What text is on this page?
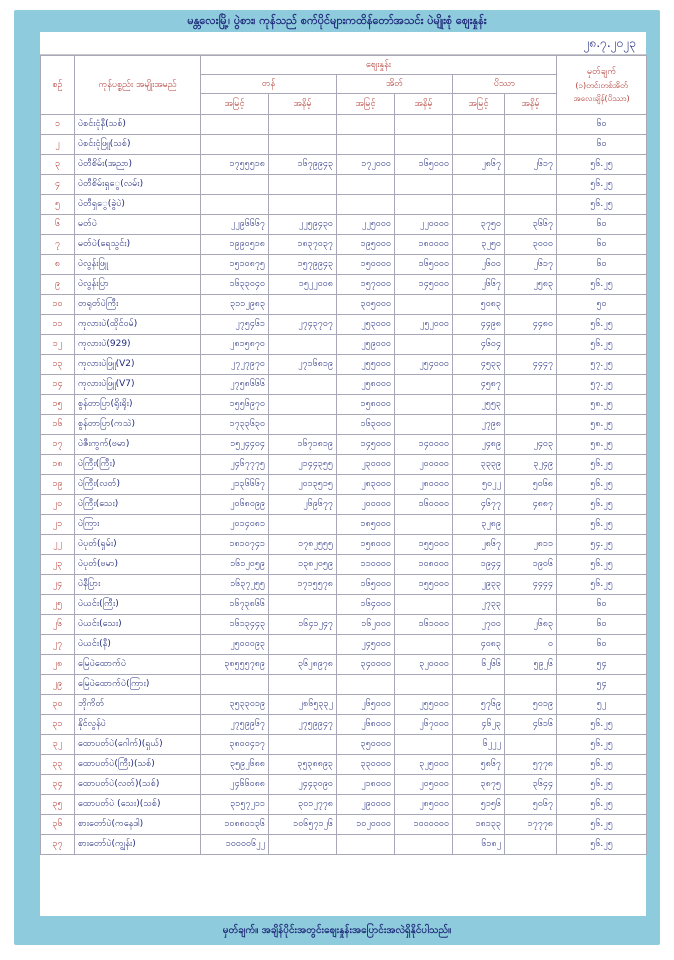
မန္တလေးမြို့၊ ပွဲစား၊ ကုန်သည် စက်ပိုင်များကထိန်တော်အသင်း ပဲမျိုးစုံ ဈေးနှုန်း
၂၈.၇.၂၀၂၃
စဉ်	ကုန်ပစ္စည်း အမျိုးအမည်	ဈေးနှုန်း						မှတ်ချက်
(၁)တင်းတစ်အိတ်
အလေးချိန်(ပိဿာ)

		တန်		အိတ်		ပိဿာ		
		အမြင့်	အနိမ့်	အမြင့်	အနိမ့်	အမြင့်	အနိမ့်	
၁	ပဲစင်းငုံနီ(သစ်)							၆၀
၂	ပဲစင်းငုံဖြူ(သစ်)							၆၀
၃	ပဲတီစိမ်း(အညာ)	၁၇၅၅၅၁၈	၁၆၇၉၉၄၃	၁၇၂၀၀၀	၁၆၅၀၀၀	၂၈၆၇	၂၆၁၇	၅၆.၂၅
၄	ပဲတီစိမ်းရှွေ(လမ်း)							၅၆.၂၅
၅	ပဲတီရှွေ(ခွဲပဲ)							၅၆.၂၅
၆	မတ်ပဲ	၂၂၉၆၆၆၇	၂၂၅၉၄၃၀	၂၂၅၀၀၀	၂၂၀၀၀၀	၃၇၅၀	၃၆၆၇	၆၀
၇	မတ်ပဲ(ရေသွင်း)	၁၉၉၀၅၁၈	၁၈၃၇၀၃၇	၁၉၅၀၀၀	၁၈၀၀၀၀	၃၂၅၀	၃၀၀၀	၆၀
၈	ပဲလွန်းဖြူ	၁၅၁၀၈၇၅	၁၅၇၉၉၄၃	၁၅၀၀၀၀	၁၆၅၀၀၀	၂၆၀၀	၂၆၁၇	၆၀
၉	ပဲလွန်းပြာ	၁၆၃၃၀၄၀	၁၅၂၂၀၀၈	၁၅၇၀၀၀	၁၄၅၀၀၀	၂၆၆၇	၂၅၈၃	၅၆.၂၅
၁၀	တရုတ်ပဲကြီး	၃၁၁၂၉၈၃		၃၀၅၀၀၀		၅၀၈၃		၅၀
၁၁	ကုလားပဲ(ထိုင်ဝမ်)	၂၇၅၄၆၁	၂၇၄၃၇၀၇	၂၅၃၀၀၀	၂၅၂၀၀၀	၄၄၉၈	၄၄၈၀	၅၆.၂၅
၁၂	ကုလားပဲ(929)	၂၈၁၅၈၇၀		၂၅၉၀၀၀		၄၆၀၄		၅၆.၂၅
၁၃	ကုလားပဲဖြူ(V2)	၂၇၂၇၉၇၀	၂၇၁၆၈၁၉	၂၅၅၀၀၀	၂၅၄၀၀၀	၄၅၃၃	၄၄၄၇	၅၇.၂၅
၁၄	ကုလားပဲဖြူ(V7)	၂၇၅၈၆၆၆		၂၅၈၀၀၀		၄၅၈၇		၅၇.၂၅
၁၅	စွန်တာပြာ(ရိုးရိုး)	၁၅၅၆၉၇၀		၁၅၈၀၀၀		၂၅၅၃		၅၈.၂၅
၁၆	စွန်တာပြာ(ကသဲ)	၁၇၃၃၆၃၀		၁၆၃၀၀၀		၂၇၉၈		၅၈.၂၅
၁၇	ပဲဇီးကွက်(ဗမာ)	၁၅၂၄၄၀၄	၁၆၇၁၈၁၉	၁၄၅၀၀၀	၁၄၀၀၀၀	၂၄၈၉	၂၄၀၃	၅၈.၂၅
၁၈	ပဲကြီး(ကြီး)	၂၄၆၇၇၇၅	၂၁၄၄၃၅၅	၂၃၀၀၀၀	၂၀၀၀၀၀	၃၃၃၉	၃၂၄၉	၅၆.၂၅
၁၉	ပဲကြီး(လတ်)	၂၁၃၆၆၆၇	၂၀၁၃၅၁၅	၂၈၃၀၀၀	၂၈၀၀၀၀	၅၀၂၂	၅၀၆၈	၅၆.၂၅
၂၀	ပဲကြီး(သေး)	၂၀၆၈၀၉၉	၂၆၉၆၇၇	၂၀၀၀၀၀	၁၆၀၀၀၀	၄၆၇၇	၄၈၈၇	၅၆.၂၅
၂၁	ပဲကြား	၂၀၁၄၀၈၁		၁၈၅၀၀၀		၃၂၈၉		၅၆.၂၅
၂၂	ပဲပုတ်(ရှမ်း)	၁၈၁၀၇၄၁	၁၇၈၂၅၅၅	၁၅၈၀၀၀	၁၅၅၀၀၀	၂၈၆၇	၂၈၁၁	၅၄.၂၅
၂၃	ပဲပုတ်(ဗမာ)	၁၆၁၂၀၅၉	၁၃၈၂၀၅၉	၁၁၀၀၀၀	၁၀၈၀၀၀	၁၉၄၄	၁၉၀၆	၅၆.၂၅
၂၄	ပဲနီပြား	၁၆၃၇၂၅၅	၁၇၁၅၅၇၈	၁၆၅၀၀၀	၁၅၅၀၀၀	၂၉၃၃	၄၄၄၄	၅၆.၂၅
၂၅	ပဲယင်း(ကြီး)	၁၆၇၃၈၆၆		၁၆၄၀၀၀		၂၇၃၃		၆၀
၂၆	ပဲယင်း(သေး)	၁၆၁၃၄၄၃	၁၆၄၁၂၄၇	၁၆၂၀၀၀	၁၆၁၀၀၀	၂၇၀၀	၂၆၈၃	၆၀
၂၇	ပဲယင်း(နီ)	၂၅၀၀၀၉၃		၂၄၅၀၀၀		၄၀၈၃	၀	၆၀
၂၈	မြေပဲထောက်ပဲ	၃၈၅၅၅၇၈၉	၃၆၂၈၉၇၈	၃၄၀၀၀၀	၃၂၀၀၀၀	၆၂၆၆	၅၉၂၆	၅၄
၂၉	မြေပဲထောက်ပဲ(ကြား)							၅၄
၃၀	ဘိုကိတ်	၃၅၃၃၀၁၉	၂၈၆၅၃၃၂	၂၆၅၀၀၀	၂၅၅၀၀၀	၅၇၆၉	၅၀၁၉	၅၂
၃၁	နိုင်လွန်ပဲ	၂၇၅၉၉၆၇	၂၇၅၉၉၄၇	၂၆၈၀၀၀	၂၆၇၀၀၀	၄၆၂၃	၄၆၁၆	၅၆.၂၅
၃၂	ထောပတ်ပဲ(ဂေါက်)(ရှယ်)	၃၈၀၀၄၁၇		၃၅၀၀၀၀		၆၂၂၂		၅၆.၂၅
၃၃	ထောပတ်ပဲ(ကြီး)(သစ်)	၃၅၉၂၆၈၈	၃၅၃၈၈၉၃	၃၃၀၀၀၀	၃၂၅၀၀၀	၅၈၆၇	၅၇၇၈	၅၆.၂၅
၃၄	ထောပတ်ပဲ(လတ်)(သစ်)	၂၄၆၆၀၈၈	၂၄၄၃၀၉၀	၂၁၈၀၀၀	၂၀၅၀၀၀	၃၈၇၅	၃၆၄၄	၅၆.၂၅
၃၅	ထောပတ်ပဲ (သေး)(သစ်)	၃၁၅၇၂၁၁	၃၀၁၂၇၇၈	၂၉၀၀၀၀	၂၈၅၀၀၀	၅၁၅၆	၅၀၆၇	၅၆.၂၅
၃၆	စားတော်ပဲ(ကနေဒါ)	၁၀၈၈၀၁၃၆	၁၀၆၅၇၁၂၆	၁၀၂၀၀၀၀	၁၀၀၀၀၀၀	၁၈၁၃၃	၁၇၇၇၈	၅၆.၂၅
၃၇	စားတော်ပဲ(ကျွန်း)	၁၀၀၀၀၆၂၂				၆၁၈၂		၅၆.၂၅
မှတ်ချက်။ အချိန်ပိုင်းအတွင်းဈေးနှုန်းအပြောင်းအလဲရှိနိုင်ပါသည်။
